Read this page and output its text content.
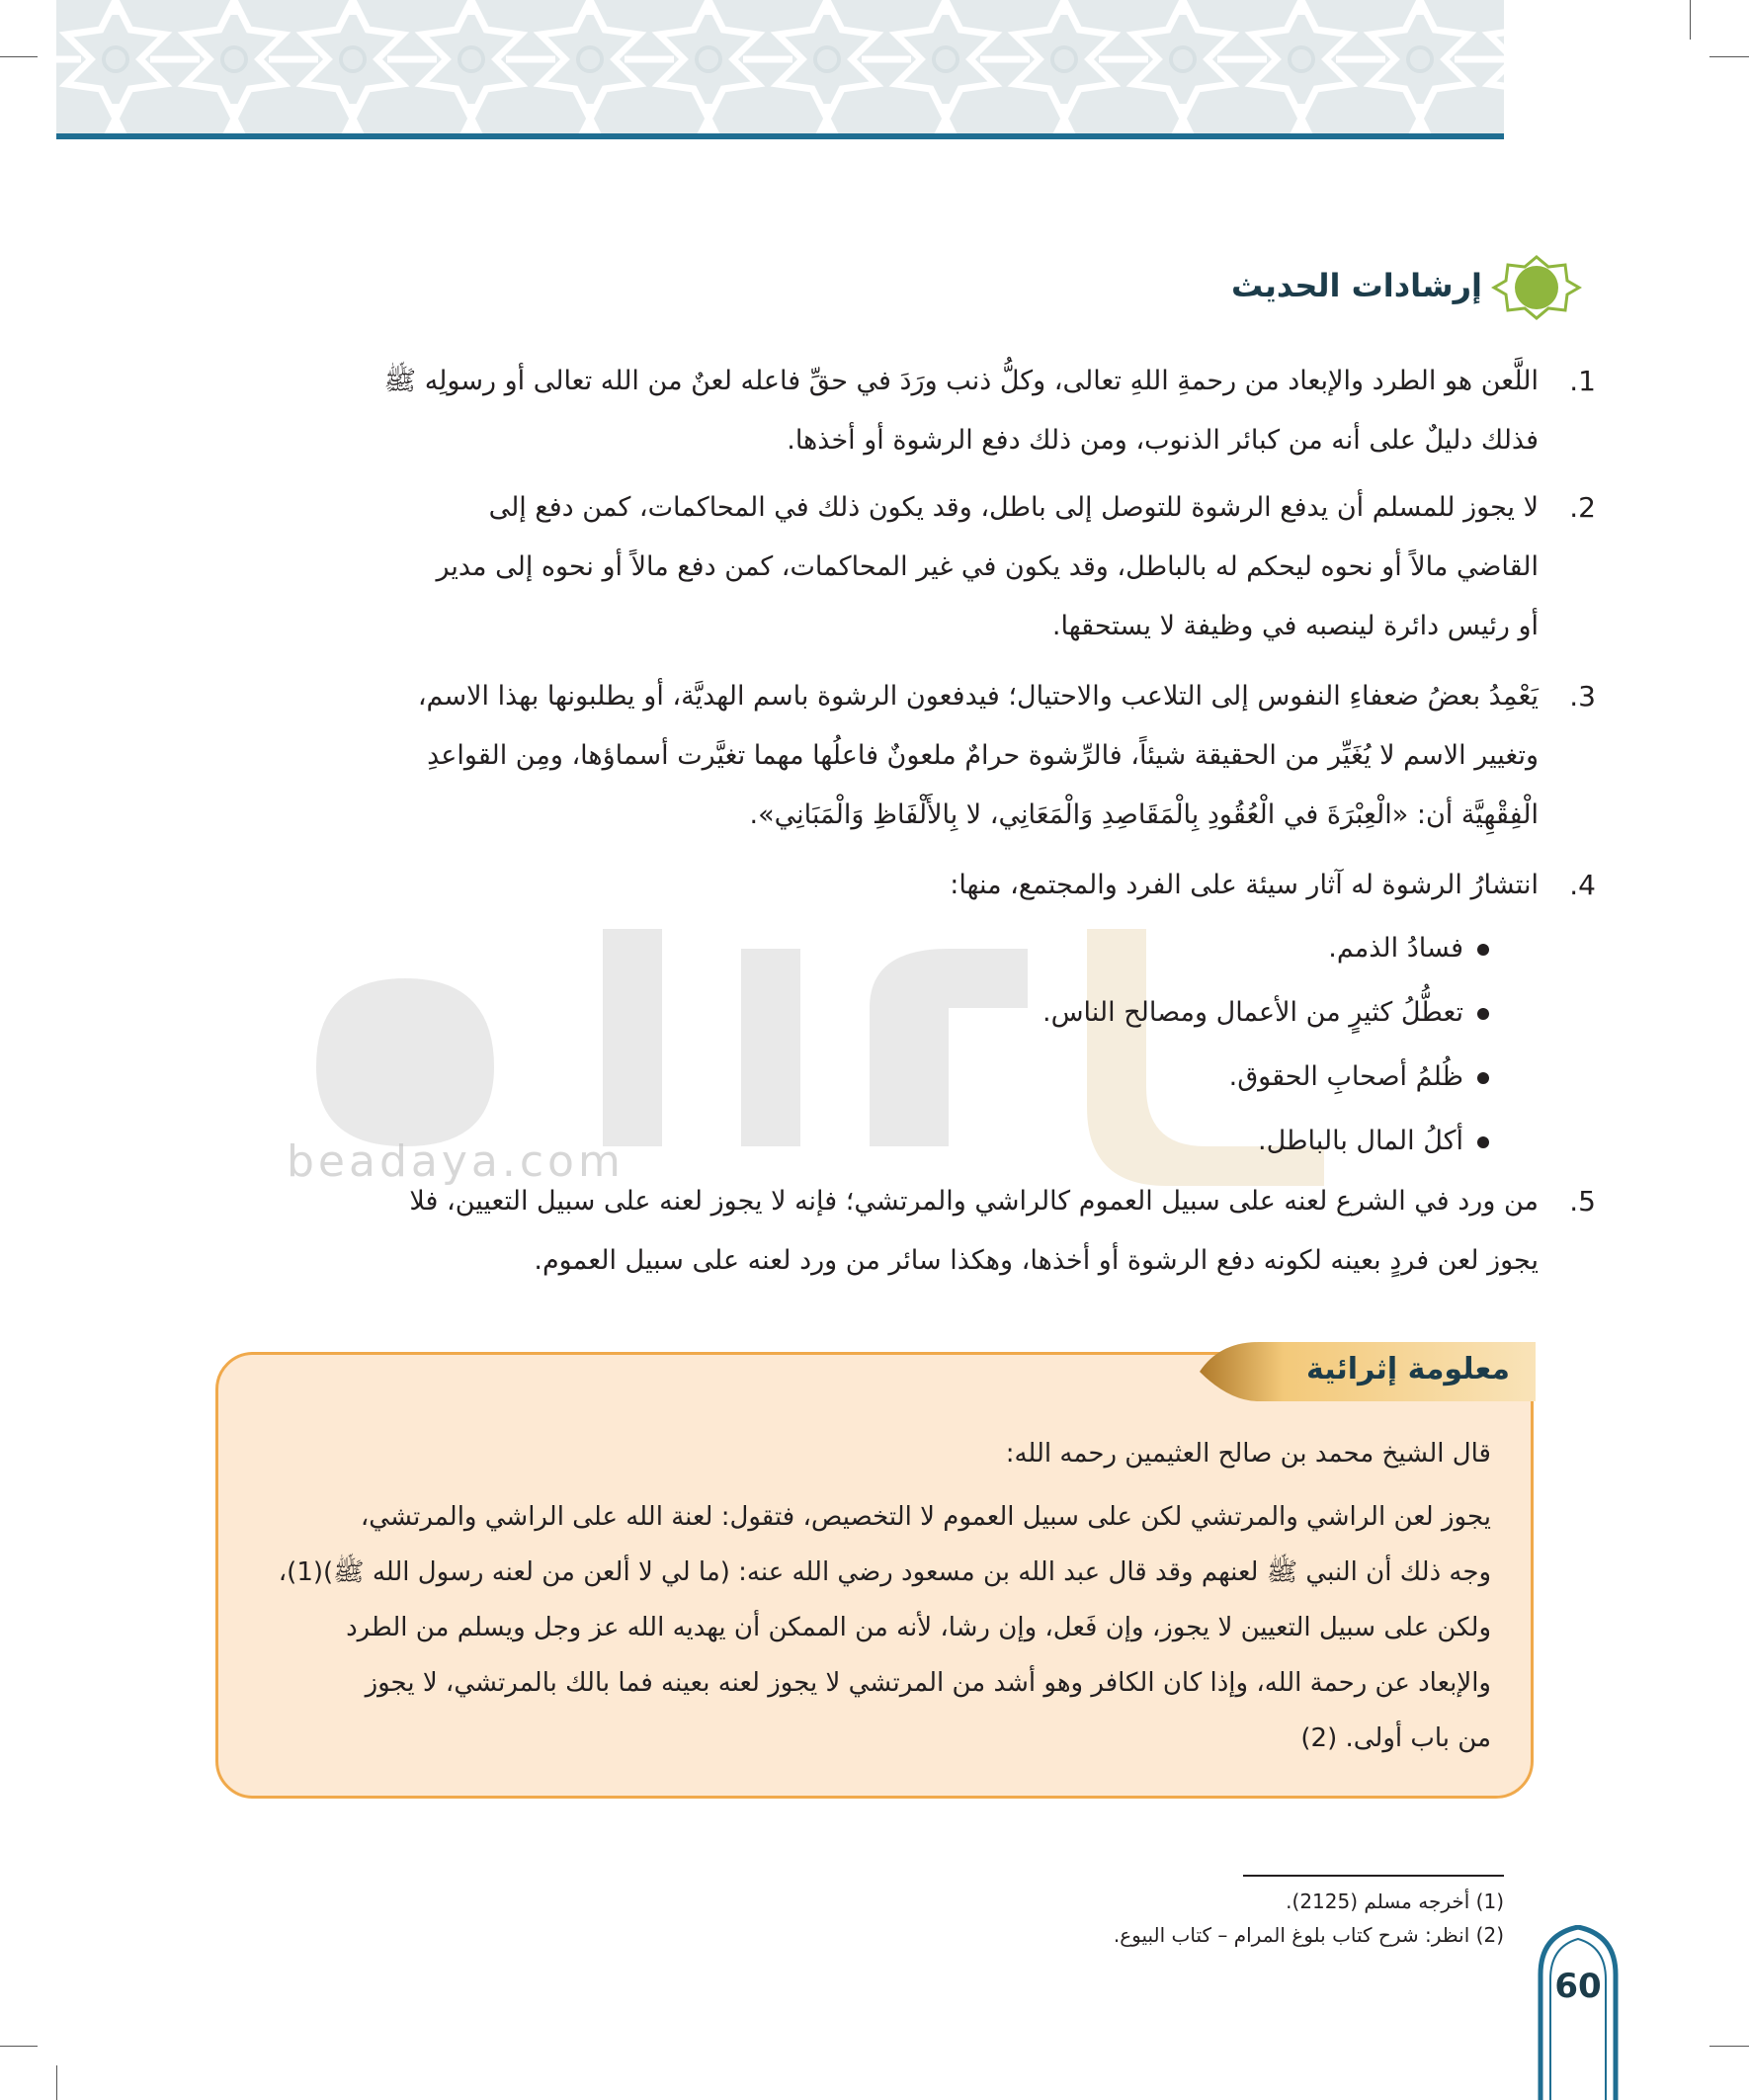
إرشادات الحديث
beadaya.com
.1
اللَّعن هو الطرد والإبعاد من رحمةِ اللهِ تعالى، وكلُّ ذنب ورَدَ في حقِّ فاعله لعنٌ من الله تعالى أو رسولِه ﷺ
فذلك دليلٌ على أنه من كبائر الذنوب، ومن ذلك دفع الرشوة أو أخذها.
.2
لا يجوز للمسلم أن يدفع الرشوة للتوصل إلى باطل، وقد يكون ذلك في المحاكمات، كمن دفع إلى
القاضي مالاً أو نحوه ليحكم له بالباطل، وقد يكون في غير المحاكمات، كمن دفع مالاً أو نحوه إلى مدير
أو رئيس دائرة لينصبه في وظيفة لا يستحقها.
.3
يَعْمِدُ بعضُ ضعفاءِ النفوس إلى التلاعب والاحتيال؛ فيدفعون الرشوة باسم الهديَّة، أو يطلبونها بهذا الاسم،
وتغيير الاسم لا يُغَيِّر من الحقيقة شيئاً، فالرِّشوة حرامٌ ملعونٌ فاعلُها مهما تغيَّرت أسماؤها، ومِن القواعدِ
الْفِقْهِيَّة أن: «الْعِبْرَةَ في الْعُقُودِ بِالْمَقَاصِدِ وَالْمَعَانِي، لا بِالأَلْفَاظِ وَالْمَبَانِي».
.4
انتشارُ الرشوة له آثار سيئة على الفرد والمجتمع، منها:
فسادُ الذمم.
تعطُّلُ كثيرٍ من الأعمال ومصالح الناس.
ظُلمُ أصحابِ الحقوق.
أكلُ المال بالباطل.
.5
من ورد في الشرع لعنه على سبيل العموم كالراشي والمرتشي؛ فإنه لا يجوز لعنه على سبيل التعيين، فلا
يجوز لعن فردٍ بعينه لكونه دفع الرشوة أو أخذها، وهكذا سائر من ورد لعنه على سبيل العموم.
قال الشيخ محمد بن صالح العثيمين رحمه الله:
يجوز لعن الراشي والمرتشي لكن على سبيل العموم لا التخصيص، فتقول: لعنة الله على الراشي والمرتشي،
وجه ذلك أن النبي ﷺ لعنهم وقد قال عبد الله بن مسعود رضي الله عنه: (ما لي لا ألعن من لعنه رسول الله ﷺ)(1)،
ولكن على سبيل التعيين لا يجوز، وإن فَعل، وإن رشا، لأنه من الممكن أن يهديه الله عز وجل ويسلم من الطرد
والإبعاد عن رحمة الله، وإذا كان الكافر وهو أشد من المرتشي لا يجوز لعنه بعينه فما بالك بالمرتشي، لا يجوز
من باب أولى. (2)
معلومة إثرائية
(1) أخرجه مسلم (2125).
(2) انظر: شرح كتاب بلوغ المرام – كتاب البيوع.
60
